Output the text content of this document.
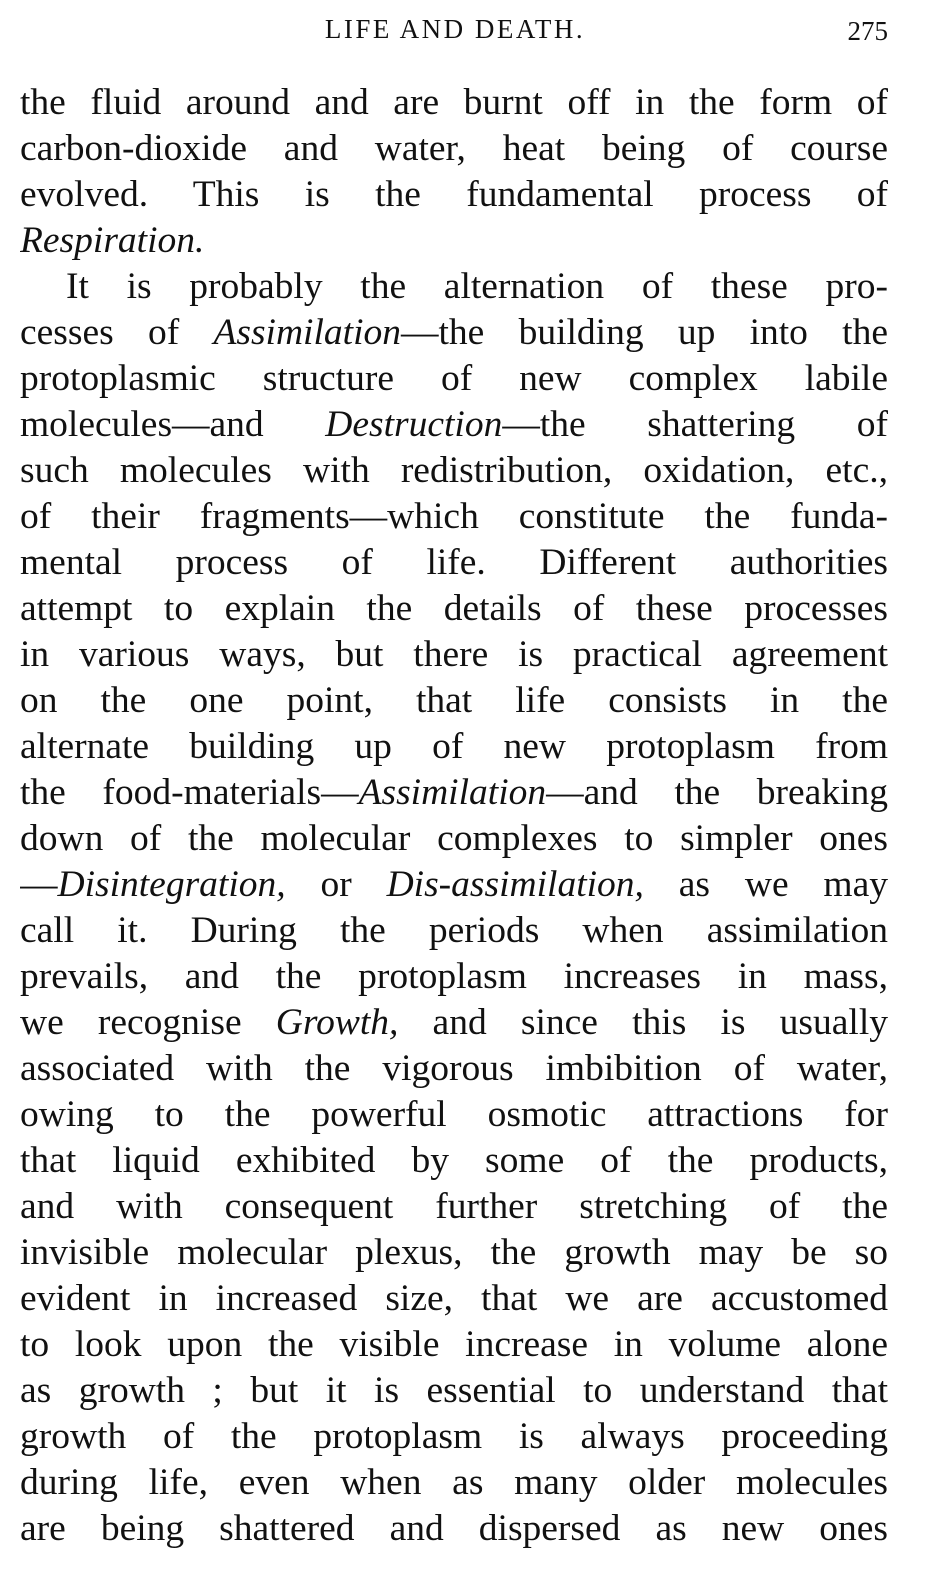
LIFE AND DEATH.	275
the fluid around and are burnt off in the form of
carbon-dioxide and water, heat being of course
evolved. This is the fundamental process of
Respiration.
It is probably the alternation of these pro-
cesses of Assimilation—the building up into the
protoplasmic structure of new complex labile
molecules—and Destruction—the shattering of
such molecules with redistribution, oxidation, etc.,
of their fragments—which constitute the funda-
mental process of life. Different authorities
attempt to explain the details of these processes
in various ways, but there is practical agreement
on the one point, that life consists in the
alternate building up of new protoplasm from
the food-materials—Assimilation—and the breaking
down of the molecular complexes to simpler ones
—Disintegration, or Dis-assimilation, as we may
call it. During the periods when assimilation
prevails, and the protoplasm increases in mass,
we recognise Growth, and since this is usually
associated with the vigorous imbibition of water,
owing to the powerful osmotic attractions for
that liquid exhibited by some of the products,
and with consequent further stretching of the
invisible molecular plexus, the growth may be so
evident in increased size, that we are accustomed
to look upon the visible increase in volume alone
as growth ; but it is essential to understand that
growth of the protoplasm is always proceeding
during life, even when as many older molecules
are being shattered and dispersed as new ones
